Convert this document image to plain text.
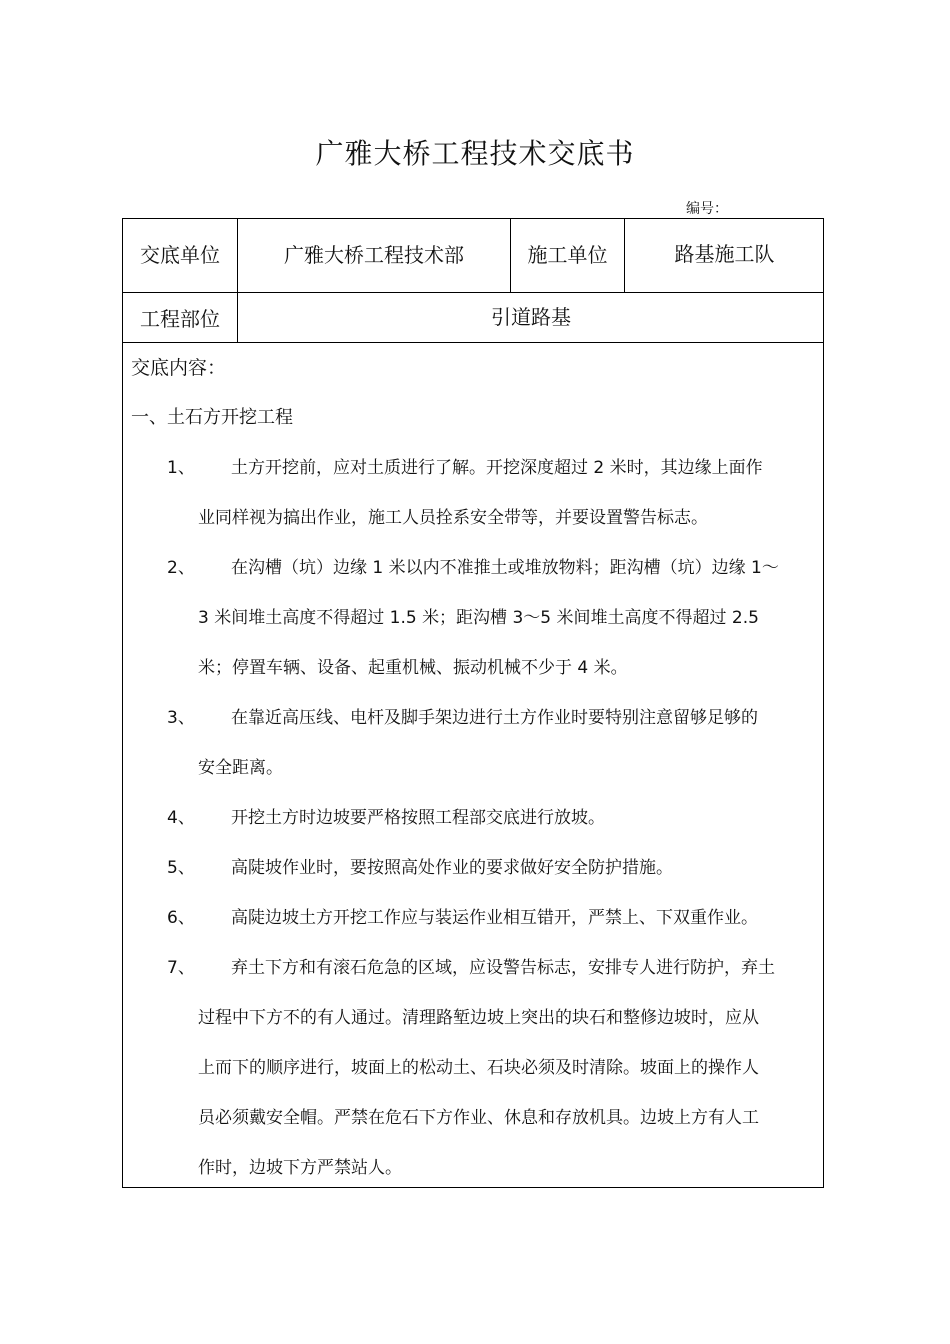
广雅大桥工程技术交底书
编号：
交底单位	广雅大桥工程技术部	施工单位	路基施工队
工程部位	引道路基
交底内容：
一、土石方开挖工程
1、 土方开挖前，应对土质进行了解。开挖深度超过 2 米时，其边缘上面作
业同样视为搞出作业，施工人员拴系安全带等，并要设置警告标志。
2、 在沟槽（坑）边缘 1 米以内不准推土或堆放物料；距沟槽（坑）边缘 1～
3 米间堆土高度不得超过 1.5 米；距沟槽 3～5 米间堆土高度不得超过 2.5
米；停置车辆、设备、起重机械、振动机械不少于 4 米。
3、 在靠近高压线、电杆及脚手架边进行土方作业时要特别注意留够足够的
安全距离。
4、 开挖土方时边坡要严格按照工程部交底进行放坡。
5、 高陡坡作业时，要按照高处作业的要求做好安全防护措施。
6、 高陡边坡土方开挖工作应与装运作业相互错开，严禁上、下双重作业。
7、 弃土下方和有滚石危急的区域，应设警告标志，安排专人进行防护，弃土
过程中下方不的有人通过。清理路堑边坡上突出的块石和整修边坡时，应从
上而下的顺序进行，坡面上的松动土、石块必须及时清除。坡面上的操作人
员必须戴安全帽。严禁在危石下方作业、休息和存放机具。边坡上方有人工
作时，边坡下方严禁站人。
